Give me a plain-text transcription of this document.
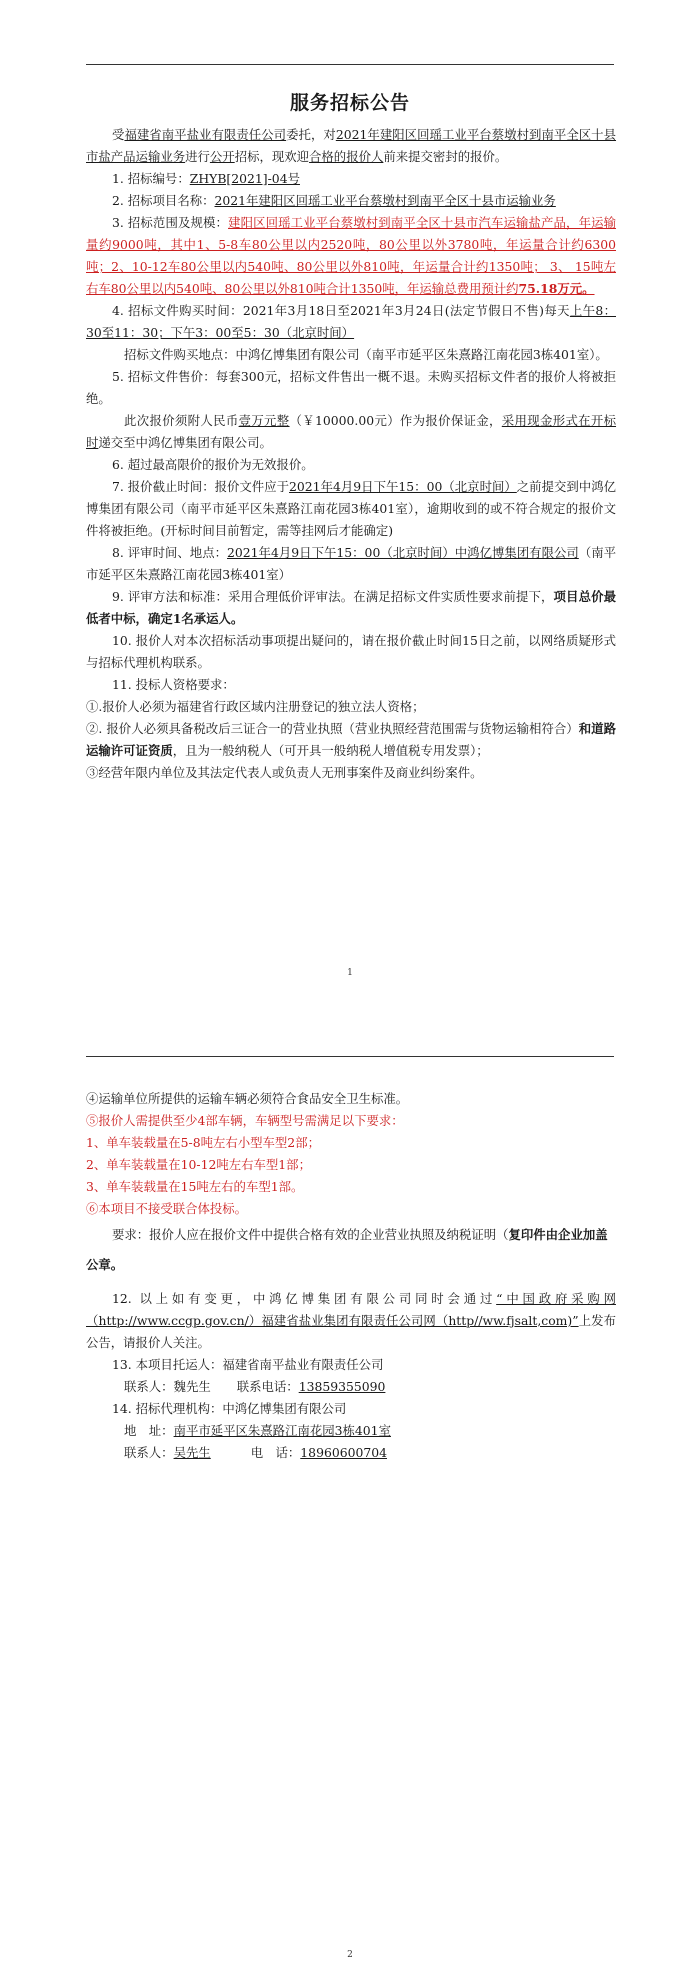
服务招标公告

受福建省南平盐业有限责任公司委托，对2021年建阳区回瑶工业平台蔡墩村到南平全区十县市盐产品运输业务进行公开招标，现欢迎合格的报价人前来提交密封的报价。

1. 招标编号：ZHYB[2021]-04号

2. 招标项目名称：2021年建阳区回瑶工业平台蔡墩村到南平全区十县市运输业务

3. 招标范围及规模：建阳区回瑶工业平台蔡墩村到南平全区十县市汽车运输盐产品，年运输量约9000吨，其中1、5-8车80公里以内2520吨，80公里以外3780吨，年运量合计约6300吨；2、10-12车80公里以内540吨、80公里以外810吨，年运量合计约1350吨； 3、 15吨左右车80公里以内540吨、80公里以外810吨合计1350吨，年运输总费用预计约75.18万元。

4. 招标文件购买时间：2021年3月18日至2021年3月24日(法定节假日不售)每天上午8：30至11：30；下午3：00至5：30（北京时间）

招标文件购买地点：中鸿亿博集团有限公司（南平市延平区朱熹路江南花园3栋401室）。

5. 招标文件售价：每套300元，招标文件售出一概不退。未购买招标文件者的报价人将被拒绝。

此次报价须附人民币壹万元整（￥10000.00元）作为报价保证金，采用现金形式在开标时递交至中鸿亿博集团有限公司。

6. 超过最高限价的报价为无效报价。

7. 报价截止时间：报价文件应于2021年4月9日下午15：00（北京时间）之前提交到中鸿亿博集团有限公司（南平市延平区朱熹路江南花园3栋401室），逾期收到的或不符合规定的报价文件将被拒绝。(开标时间目前暂定，需等挂网后才能确定)

8. 评审时间、地点：2021年4月9日下午15：00（北京时间）中鸿亿博集团有限公司（南平市延平区朱熹路江南花园3栋401室）

9. 评审方法和标准：采用合理低价评审法。在满足招标文件实质性要求前提下，项目总价最低者中标，确定1名承运人。

10. 报价人对本次招标活动事项提出疑问的，请在报价截止时间15日之前，以网络质疑形式与招标代理机构联系。

11. 投标人资格要求：

①.报价人必须为福建省行政区域内注册登记的独立法人资格；

②. 报价人必须具备税改后三证合一的营业执照（营业执照经营范围需与货物运输相符合）和道路运输许可证资质，且为一般纳税人（可开具一般纳税人增值税专用发票）；

③经营年限内单位及其法定代表人或负责人无刑事案件及商业纠纷案件。

1

④运输单位所提供的运输车辆必须符合食品安全卫生标准。

⑤报价人需提供至少4部车辆，车辆型号需满足以下要求：

1、单车装载量在5-8吨左右小型车型2部；

2、单车装载量在10-12吨左右车型1部；

3、单车装载量在15吨左右的车型1部。

⑥本项目不接受联合体投标。

要求：报价人应在报价文件中提供合格有效的企业营业执照及纳税证明（复印件由企业加盖公章。

12. 以上如有变更，中鸿亿博集团有限公司同时会通过“中国政府采购网（http://www.ccgp.gov.cn/）福建省盐业集团有限责任公司网（http//ww.fjsalt,com)”上发布公告，请报价人关注。

13. 本项目托运人：福建省南平盐业有限责任公司

联系人：魏先生 联系电话：13859355090

14. 招标代理机构：中鸿亿博集团有限公司

地　址：南平市延平区朱熹路江南花园3栋401室

联系人：吴先生	电　话：18960600704

2
